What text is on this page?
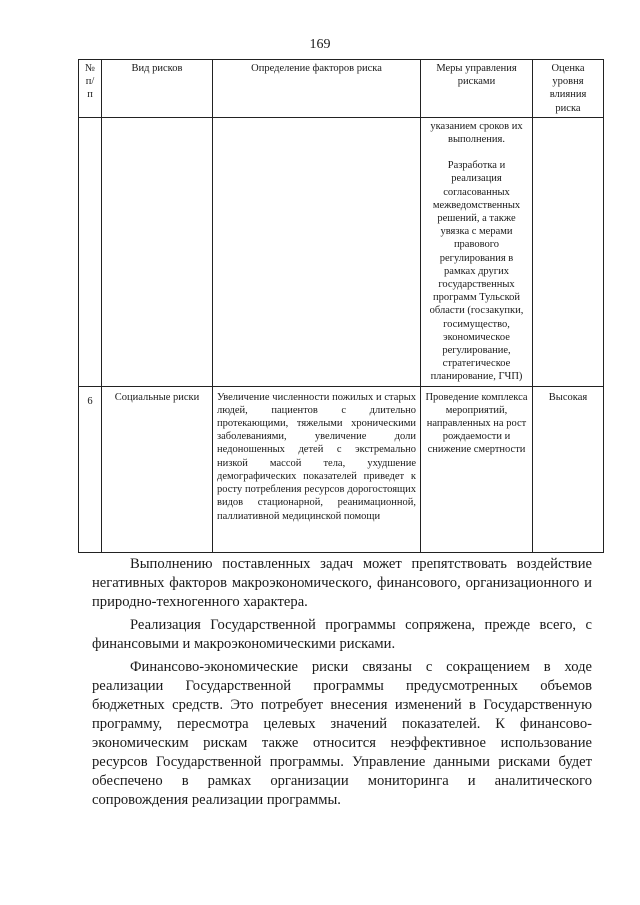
169
№ п/п	Вид рисков	Определение факторов риска	Меры управления рисками	Оценка уровня влияния риска

			указанием сроков их выполнения.

Разработка и реализация согласованных межведомственных решений, а также увязка с мерами правового регулирования в рамках других государственных программ Тульской области (госзакупки, госимущество, экономическое регулирование, стратегическое планирование, ГЧП)	

6	Социальные риски	Увеличение численности пожилых и старых людей, пациентов с длительно протекающими, тяжелыми хроническими заболеваниями, увеличение доли недоношенных детей с экстремально низкой массой тела, ухудшение демографических показателей приведет к росту потребления ресурсов дорогостоящих видов стационарной, реанимационной, паллиативной медицинской помощи	Проведение комплекса мероприятий, направленных на рост рождаемости и снижение смертности	Высокая

Выполнению поставленных задач может препятствовать воздействие негативных факторов макроэкономического, финансового, организационного и природно-техногенного характера.

Реализация Государственной программы сопряжена, прежде всего, с финансовыми и макроэкономическими рисками.

Финансово-экономические риски связаны с сокращением в ходе реализации Государственной программы предусмотренных объемов бюджетных средств. Это потребует внесения изменений в Государственную программу, пересмотра целевых значений показателей. К финансово-экономическим рискам также относится неэффективное использование ресурсов Государственной программы. Управление данными рисками будет обеспечено в рамках организации мониторинга и аналитического сопровождения реализации программы.
